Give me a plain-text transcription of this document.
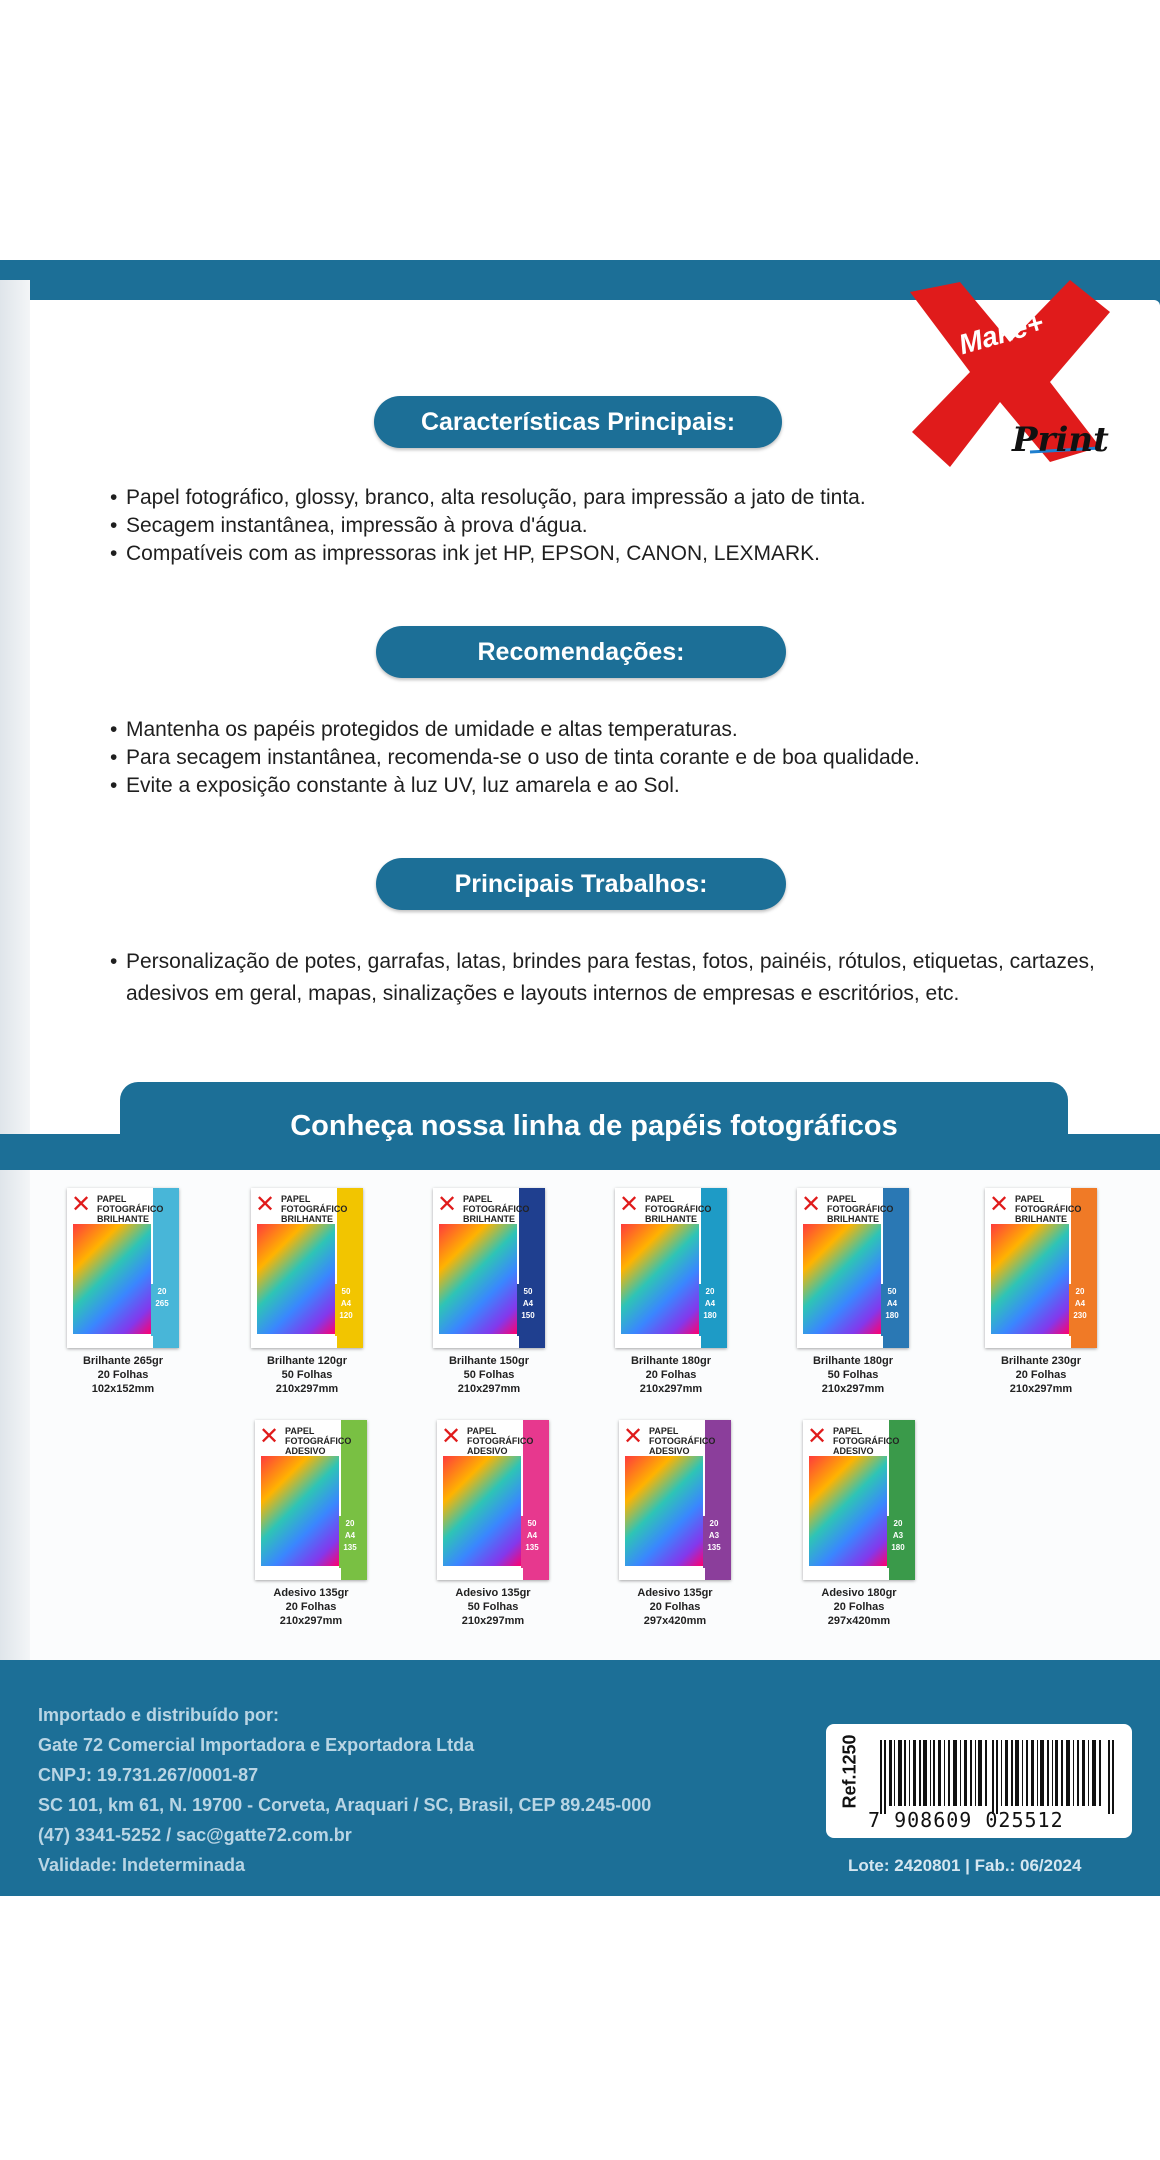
Make+
Print
Características Principais:
• Papel fotográfico, glossy, branco, alta resolução, para impressão a jato de tinta.
• Secagem instantânea, impressão à prova d'água.
• Compatíveis com as impressoras ink jet HP, EPSON, CANON, LEXMARK.
Recomendações:
• Mantenha os papéis protegidos de umidade e altas temperaturas.
• Para secagem instantânea, recomenda-se o uso de tinta corante e de boa qualidade.
• Evite a exposição constante à luz UV, luz amarela e ao Sol.
Principais Trabalhos:
• Personalização de potes, garrafas, latas, brindes para festas, fotos, painéis, rótulos, etiquetas, cartazes, adesivos em geral, mapas, sinalizações e layouts internos de empresas e escritórios, etc.
Conheça nossa linha de papéis fotográficos
✕ PAPEL
FOTOGRÁFICO
BRILHANTE
20
265
Brilhante 265gr
20 Folhas
102x152mm
✕ PAPEL
FOTOGRÁFICO
BRILHANTE
50
A4
120
Brilhante 120gr
50 Folhas
210x297mm
✕ PAPEL
FOTOGRÁFICO
BRILHANTE
50
A4
150
Brilhante 150gr
50 Folhas
210x297mm
✕ PAPEL
FOTOGRÁFICO
BRILHANTE
20
A4
180
Brilhante 180gr
20 Folhas
210x297mm
✕ PAPEL
FOTOGRÁFICO
BRILHANTE
50
A4
180
Brilhante 180gr
50 Folhas
210x297mm
✕ PAPEL
FOTOGRÁFICO
BRILHANTE
20
A4
230
Brilhante 230gr
20 Folhas
210x297mm
✕ PAPEL
FOTOGRÁFICO
ADESIVO
20
A4
135
Adesivo 135gr
20 Folhas
210x297mm
✕ PAPEL
FOTOGRÁFICO
ADESIVO
50
A4
135
Adesivo 135gr
50 Folhas
210x297mm
✕ PAPEL
FOTOGRÁFICO
ADESIVO
20
A3
135
Adesivo 135gr
20 Folhas
297x420mm
✕ PAPEL
FOTOGRÁFICO
ADESIVO
20
A3
180
Adesivo 180gr
20 Folhas
297x420mm
Importado e distribuído por:
Gate 72 Comercial Importadora e Exportadora Ltda
CNPJ: 19.731.267/0001-87
SC 101, km 61, N. 19700 - Corveta, Araquari / SC, Brasil, CEP 89.245-000
(47) 3341-5252 / sac@gatte72.com.br
Validade: Indeterminada
Ref.1250
7 908609 025512
Lote: 2420801 | Fab.: 06/2024
